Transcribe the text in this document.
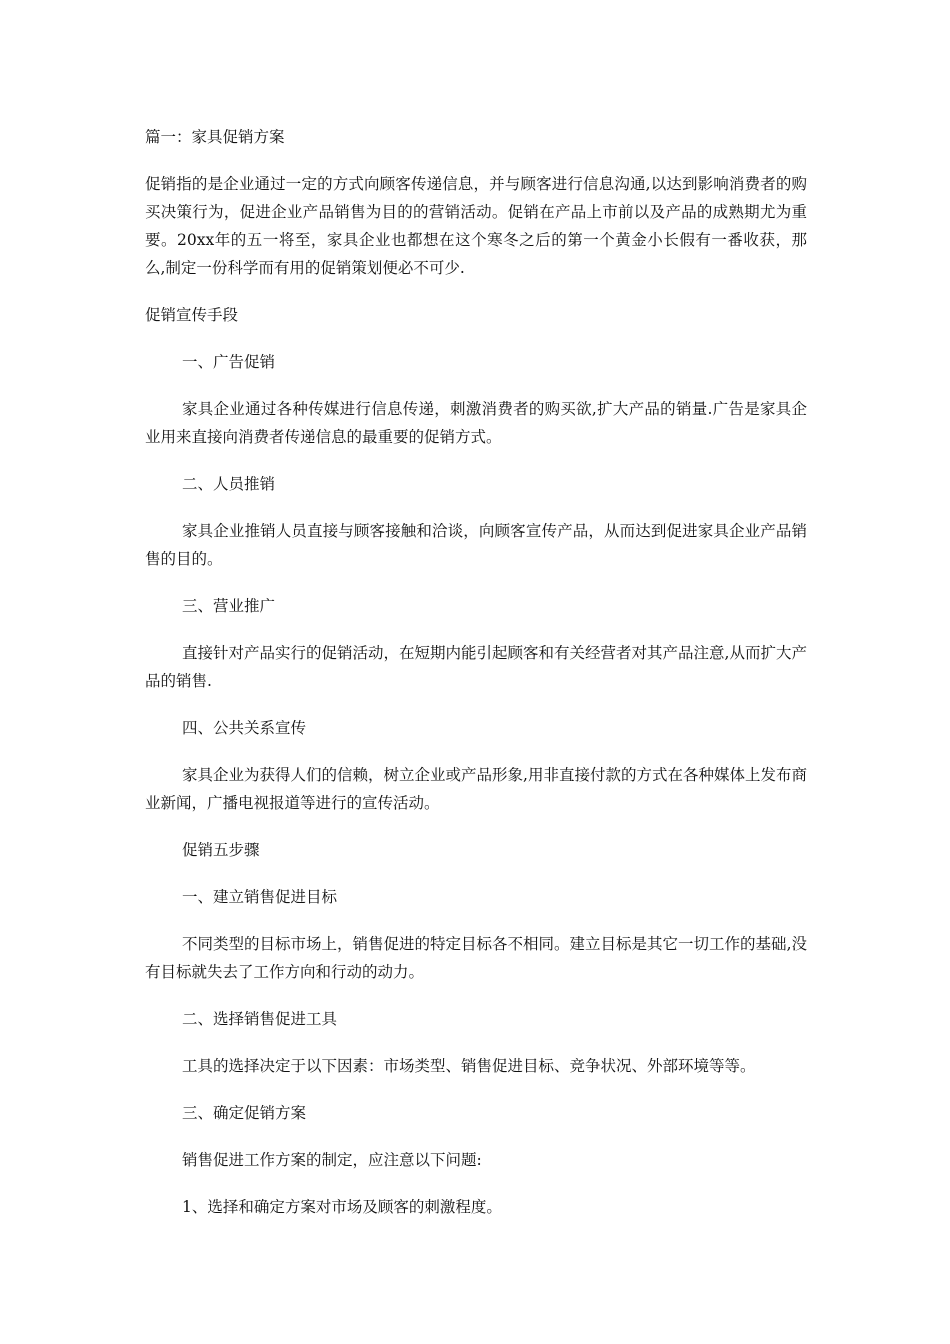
篇一：家具促销方案

促销指的是企业通过一定的方式向顾客传递信息，并与顾客进行信息沟通,以达到影响消费者的购买决策行为，促进企业产品销售为目的的营销活动。促销在产品上市前以及产品的成熟期尤为重要。20xx年的五一将至，家具企业也都想在这个寒冬之后的第一个黄金小长假有一番收获，那么,制定一份科学而有用的促销策划便必不可少.

促销宣传手段

一、广告促销

家具企业通过各种传媒进行信息传递，刺激消费者的购买欲,扩大产品的销量.广告是家具企业用来直接向消费者传递信息的最重要的促销方式。

二、人员推销

家具企业推销人员直接与顾客接触和洽谈，向顾客宣传产品，从而达到促进家具企业产品销售的目的。

三、营业推广

直接针对产品实行的促销活动，在短期内能引起顾客和有关经营者对其产品注意,从而扩大产品的销售.

四、公共关系宣传

家具企业为获得人们的信赖，树立企业或产品形象,用非直接付款的方式在各种媒体上发布商业新闻，广播电视报道等进行的宣传活动。

促销五步骤

一、建立销售促进目标

不同类型的目标市场上，销售促进的特定目标各不相同。建立目标是其它一切工作的基础,没有目标就失去了工作方向和行动的动力。

二、选择销售促进工具

工具的选择决定于以下因素：市场类型、销售促进目标、竞争状况、外部环境等等。

三、确定促销方案

销售促进工作方案的制定，应注意以下问题:

1、选择和确定方案对市场及顾客的刺激程度。
